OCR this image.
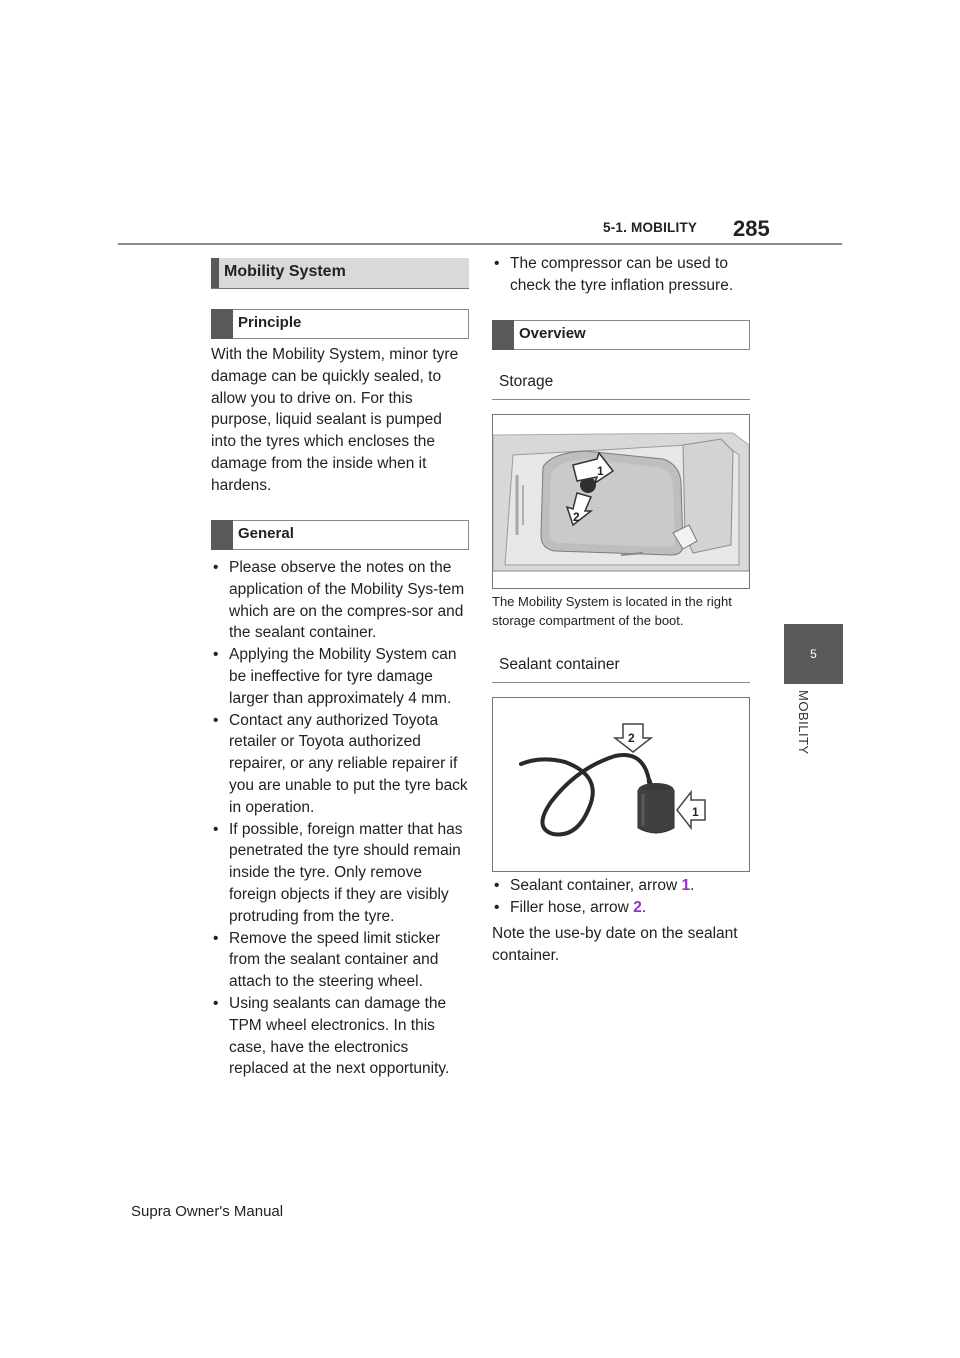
5-1. MOBILITY 285
5
MOBILITY
Mobility System
Principle
With the Mobility System, minor tyre damage can be quickly sealed, to allow you to drive on. For this purpose, liquid sealant is pumped into the tyres which encloses the damage from the inside when it hardens.
General
• Please observe the notes on the application of the Mobility Sys-tem which are on the compres-sor and the sealant container.
• Applying the Mobility System can be ineffective for tyre damage larger than approximately 4 mm.
• Contact any authorized Toyota retailer or Toyota authorized repairer, or any reliable repairer if you are unable to put the tyre back in operation.
• If possible, foreign matter that has penetrated the tyre should remain inside the tyre. Only remove foreign objects if they are visibly protruding from the tyre.
• Remove the speed limit sticker from the sealant container and attach to the steering wheel.
• Using sealants can damage the TPM wheel electronics. In this case, have the electronics replaced at the next opportunity.
• The compressor can be used to check the tyre inflation pressure.
Overview
Storage
1
2
The Mobility System is located in the right storage compartment of the boot.
Sealant container
2
1
• Sealant container, arrow 1.
• Filler hose, arrow 2.
Note the use-by date on the sealant container.
Supra Owner's Manual
